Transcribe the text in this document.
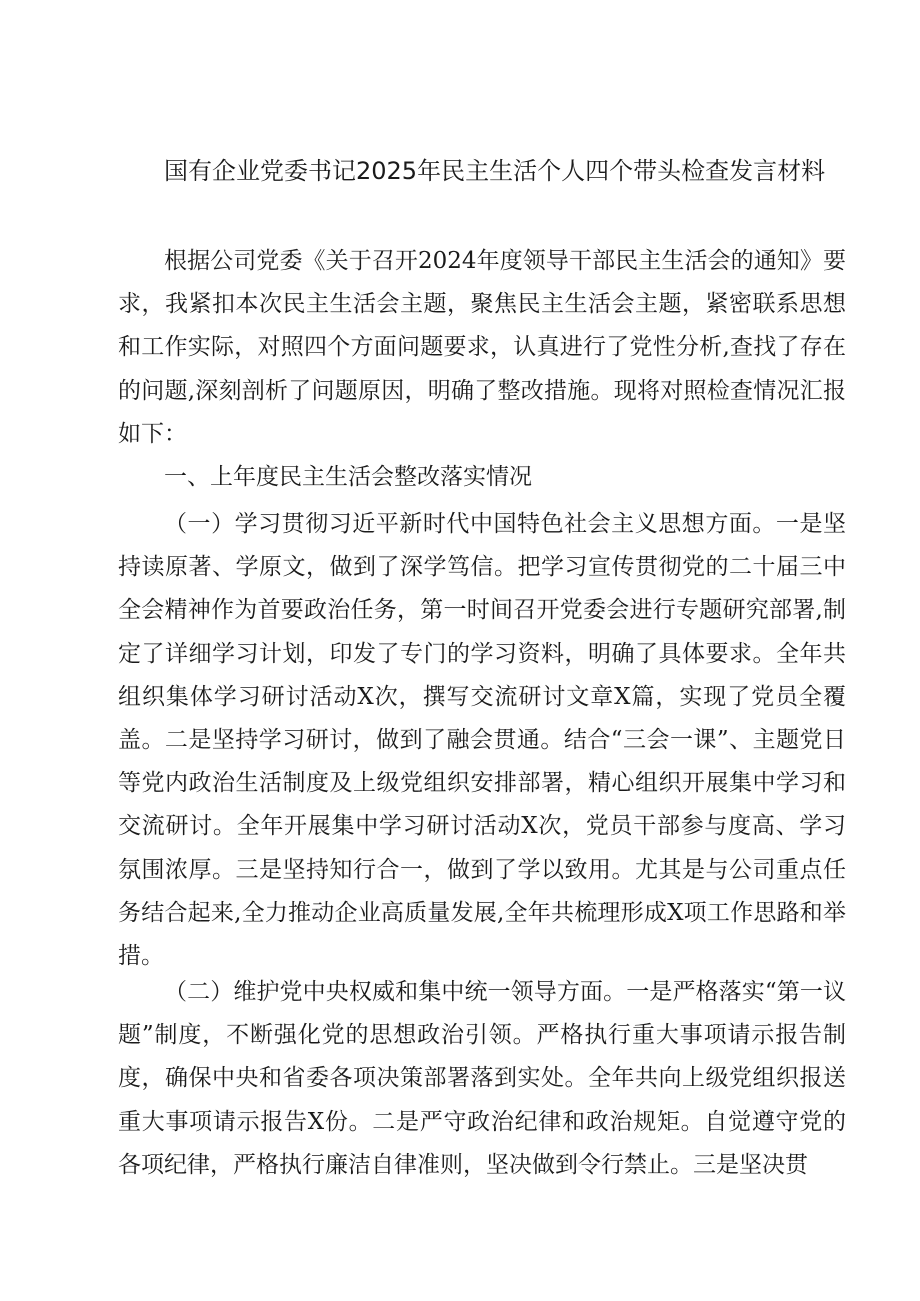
国有企业党委书记2025年民主生活个人四个带头检查发言材料

根据公司党委《关于召开2024年度领导干部民主生活会的通知》要求，我紧扣本次民主生活会主题，聚焦民主生活会主题，紧密联系思想和工作实际，对照四个方面问题要求，认真进行了党性分析,查找了存在的问题,深刻剖析了问题原因，明确了整改措施。现将对照检查情况汇报如下：

一、上年度民主生活会整改落实情况

（一）学习贯彻习近平新时代中国特色社会主义思想方面。一是坚持读原著、学原文，做到了深学笃信。把学习宣传贯彻党的二十届三中全会精神作为首要政治任务，第一时间召开党委会进行专题研究部署,制定了详细学习计划，印发了专门的学习资料，明确了具体要求。全年共组织集体学习研讨活动X次，撰写交流研讨文章X篇，实现了党员全覆盖。二是坚持学习研讨，做到了融会贯通。结合“三会一课”、主题党日等党内政治生活制度及上级党组织安排部署，精心组织开展集中学习和交流研讨。全年开展集中学习研讨活动X次，党员干部参与度高、学习氛围浓厚。三是坚持知行合一，做到了学以致用。尤其是与公司重点任务结合起来,全力推动企业高质量发展,全年共梳理形成X项工作思路和举措。

（二）维护党中央权威和集中统一领导方面。一是严格落实“第一议题”制度，不断强化党的思想政治引领。严格执行重大事项请示报告制度，确保中央和省委各项决策部署落到实处。全年共向上级党组织报送重大事项请示报告X份。二是严守政治纪律和政治规矩。自觉遵守党的各项纪律，严格执行廉洁自律准则，坚决做到令行禁止。三是坚决贯
